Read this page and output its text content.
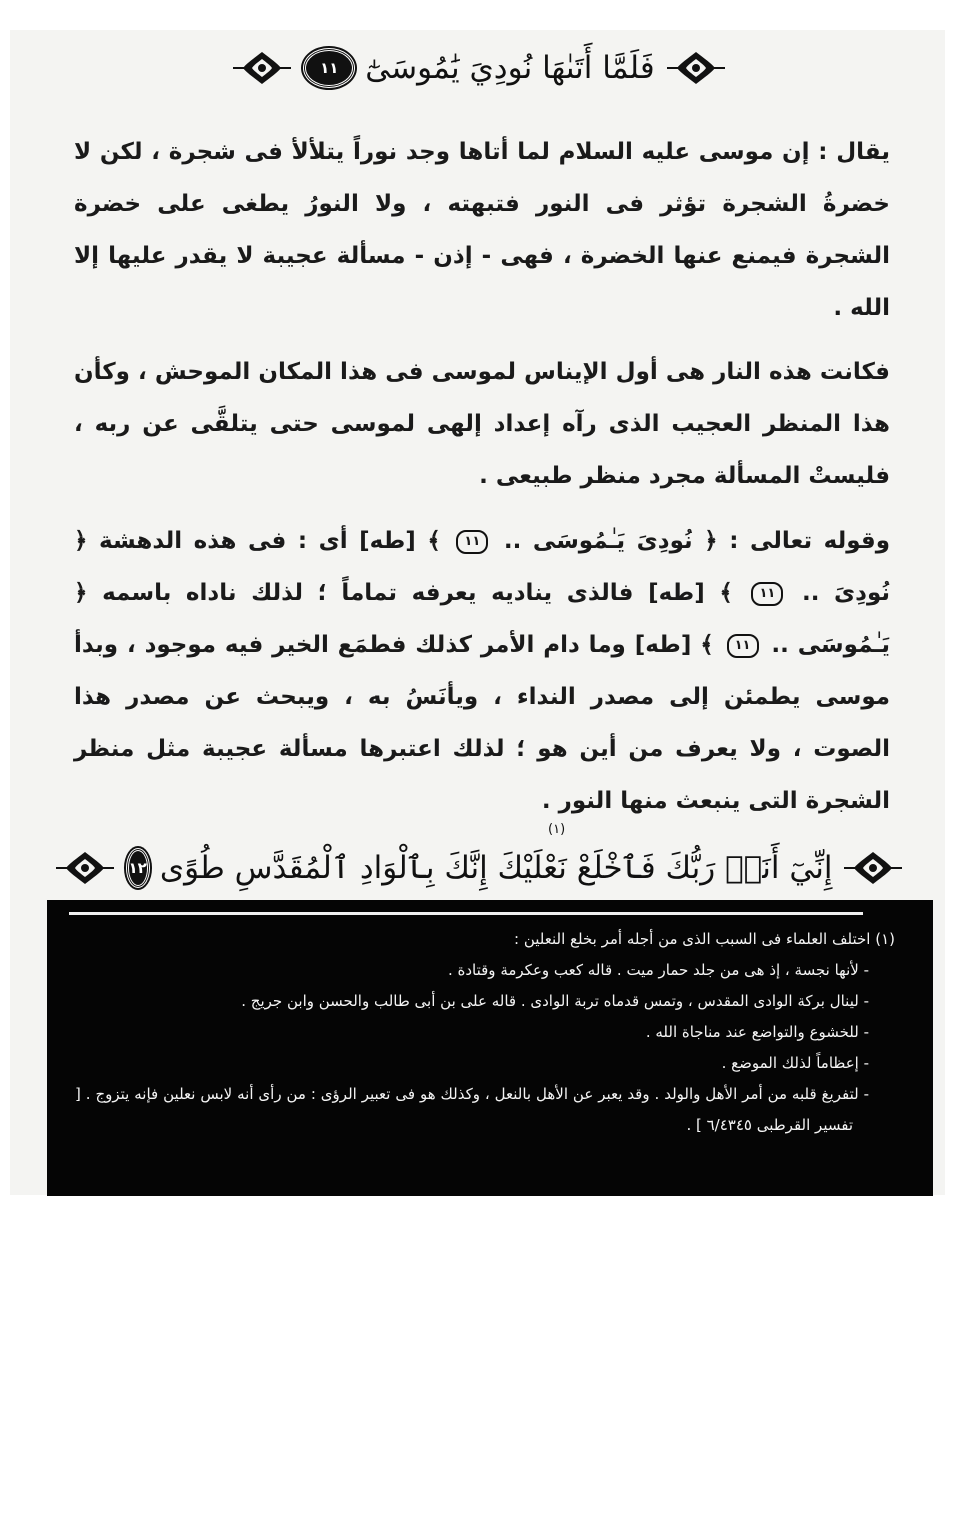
فَلَمَّا أَتَىٰهَا نُودِيَ يَٰمُوسَىٰٓ
١١

يقال : إن موسى عليه السلام لما أتاها وجد نوراً يتلألأ فى شجرة ، لكن لا خضرةُ الشجرة تؤثر فى النور فتبهته ، ولا النورُ يطغى على خضرة الشجرة فيمنع عنها الخضرة ، فهى - إذن - مسألة عجيبة لا يقدر عليها إلا الله .

فكانت هذه النار هى أول الإيناس لموسى فى هذا المكان الموحش ، وكأن هذا المنظر العجيب الذى رآه إعداد إلهى لموسى حتى يتلقَّى عن ربه ، فليستْ المسألة مجرد منظر طبيعى .

وقوله تعالى : ﴿ نُودِىَ يَـٰمُوسَى .. ١١ ﴾ [طه] أى : فى هذه الدهشة ﴿ نُودِىَ .. ١١ ﴾ [طه] فالذى يناديه يعرفه تماماً ؛ لذلك ناداه باسمه ﴿ يَـٰمُوسَى .. ١١ ﴾ [طه] وما دام الأمر كذلك فطمَع الخير فيه موجود ، وبدأ موسى يطمئن إلى مصدر النداء ، ويأنَسُ به ، ويبحث عن مصدر هذا الصوت ، ولا يعرف من أين هو ؛ لذلك اعتبرها مسألة عجيبة مثل منظر الشجرة التى ينبعث منها النور .

(١)
إِنِّيٓ أَنَا۠ رَبُّكَ فَٱخْلَعْ نَعْلَيْكَ إِنَّكَ بِٱلْوَادِ ٱلْمُقَدَّسِ طُوًى
١٢
(١) اختلف العلماء فى السبب الذى من أجله أمر بخلع النعلين :
- لأنها نجسة ، إذ هى من جلد حمار ميت . قاله كعب وعكرمة وقتادة .
- لينال بركة الوادى المقدس ، وتمس قدماه تربة الوادى . قاله على بن أبى طالب والحسن وابن جريج .
- للخشوع والتواضع عند مناجاة الله .
- إعظاماً لذلك الموضع .
- لتفريغ قلبه من أمر الأهل والولد . وقد يعبر عن الأهل بالنعل ، وكذلك هو فى تعبير الرؤى : من رأى أنه لابس نعلين فإنه يتزوج . [ تفسير القرطبى ٦/٤٣٤٥ ] .
